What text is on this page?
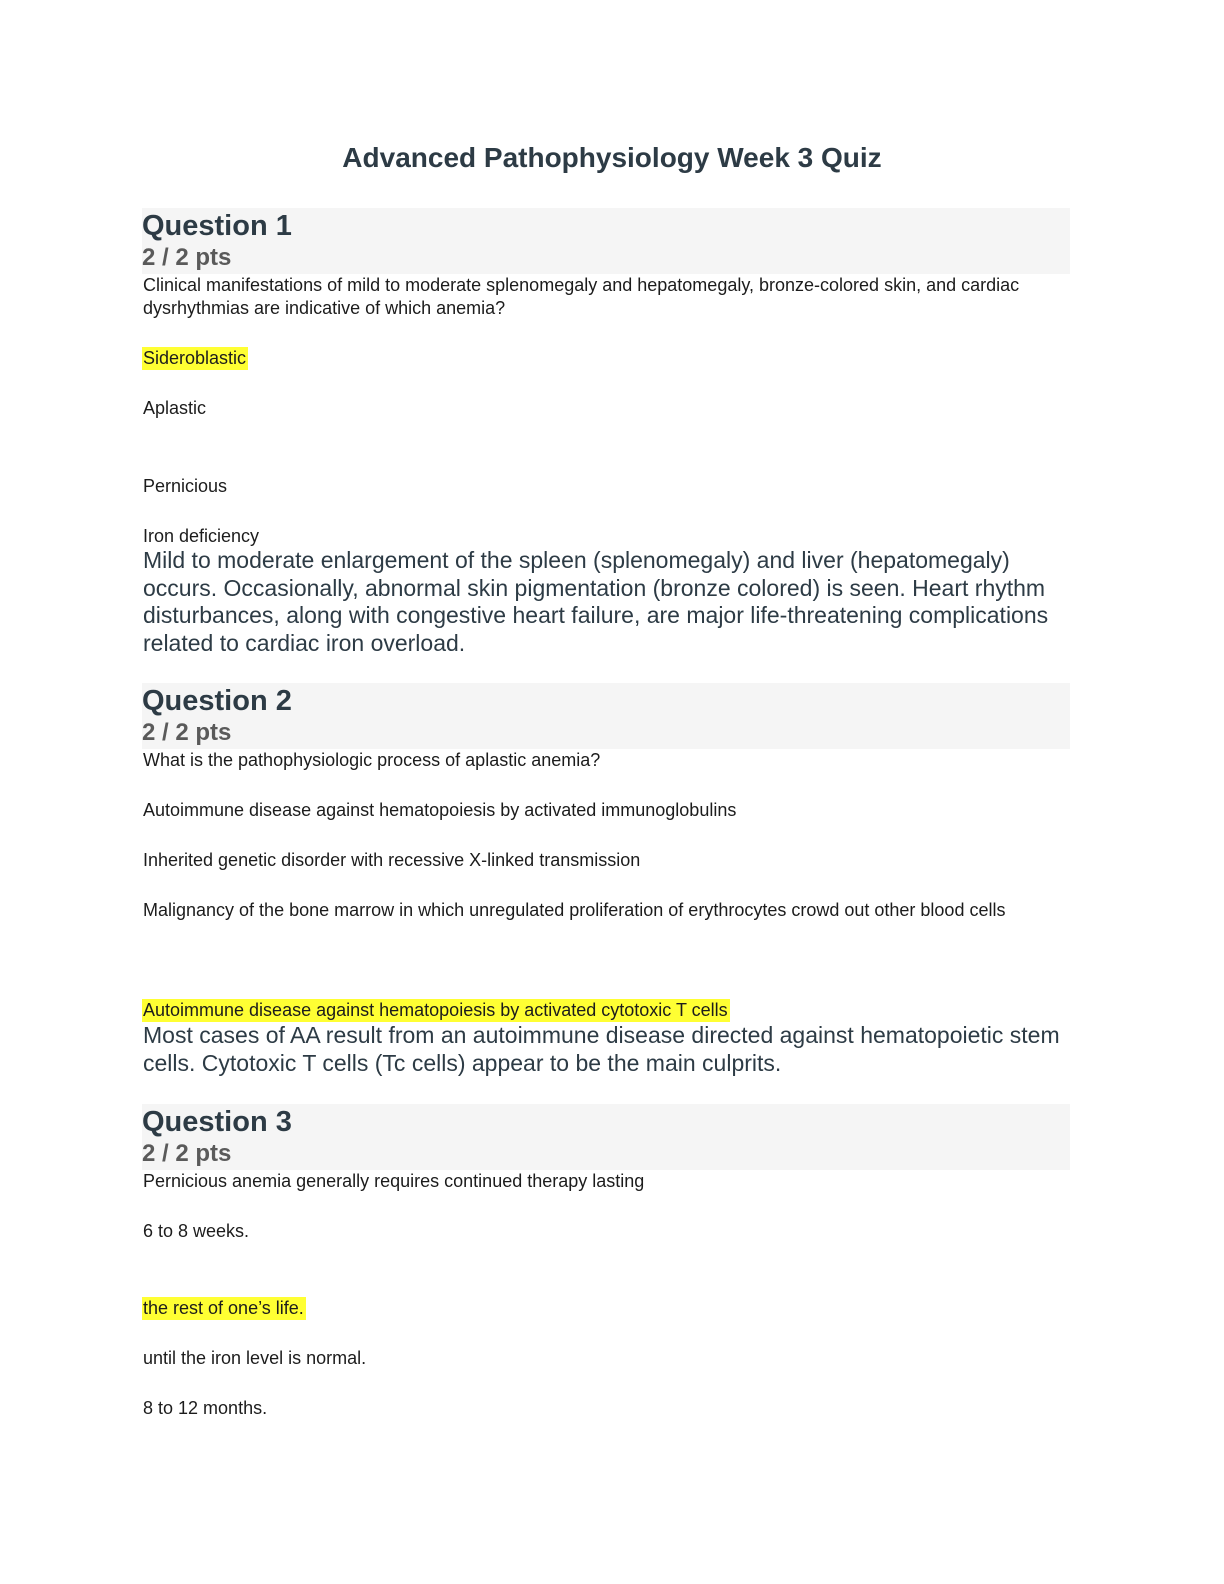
Advanced Pathophysiology Week 3 Quiz
Question 1
2 / 2 pts
Clinical manifestations of mild to moderate splenomegaly and hepatomegaly, bronze-colored skin, and cardiac dysrhythmias are indicative of which anemia?
Sideroblastic
Aplastic
Pernicious
Iron deficiency
Mild to moderate enlargement of the spleen (splenomegaly) and liver (hepatomegaly) occurs. Occasionally, abnormal skin pigmentation (bronze colored) is seen. Heart rhythm disturbances, along with congestive heart failure, are major life-threatening complications related to cardiac iron overload.
Question 2
2 / 2 pts
What is the pathophysiologic process of aplastic anemia?
Autoimmune disease against hematopoiesis by activated immunoglobulins
Inherited genetic disorder with recessive X-linked transmission
Malignancy of the bone marrow in which unregulated proliferation of erythrocytes crowd out other blood cells
Autoimmune disease against hematopoiesis by activated cytotoxic T cells
Most cases of AA result from an autoimmune disease directed against hematopoietic stem cells. Cytotoxic T cells (Tc cells) appear to be the main culprits.
Question 3
2 / 2 pts
Pernicious anemia generally requires continued therapy lasting
6 to 8 weeks.
the rest of one’s life.
until the iron level is normal.
8 to 12 months.
